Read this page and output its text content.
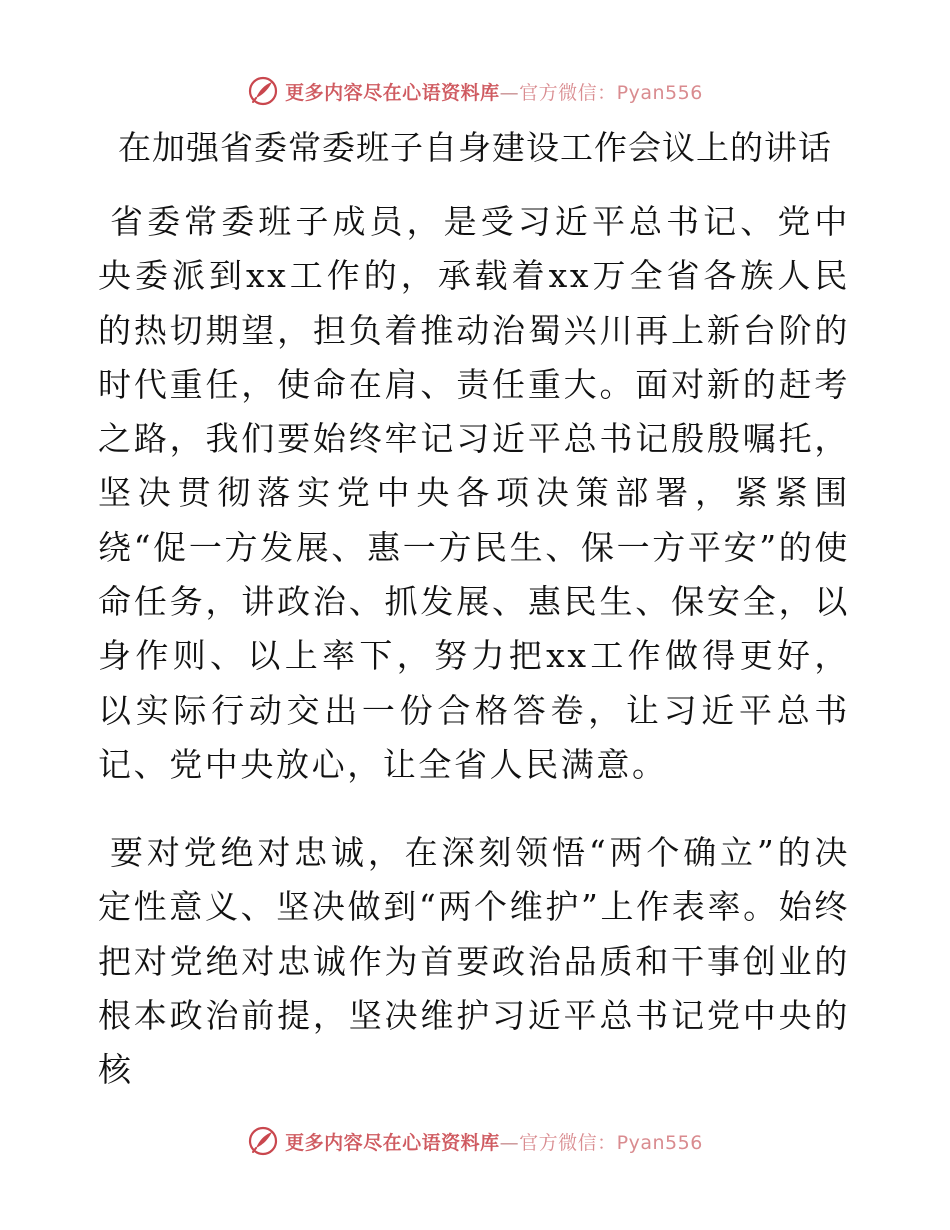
更多内容尽在心语资料库—官方微信：Pyan556
在加强省委常委班子自身建设工作会议上的讲话

省委常委班子成员，是受习近平总书记、党中央委派到xx工作的，承载着xx万全省各族人民的热切期望，担负着推动治蜀兴川再上新台阶的时代重任，使命在肩、责任重大。面对新的赶考之路，我们要始终牢记习近平总书记殷殷嘱托，坚决贯彻落实党中央各项决策部署，紧紧围绕“促一方发展、惠一方民生、保一方平安”的使命任务，讲政治、抓发展、惠民生、保安全，以身作则、以上率下，努力把xx工作做得更好，以实际行动交出一份合格答卷，让习近平总书记、党中央放心，让全省人民满意。

要对党绝对忠诚，在深刻领悟“两个确立”的决定性意义、坚决做到“两个维护”上作表率。始终把对党绝对忠诚作为首要政治品质和干事创业的根本政治前提，坚决维护习近平总书记党中央的核

更多内容尽在心语资料库—官方微信：Pyan556
